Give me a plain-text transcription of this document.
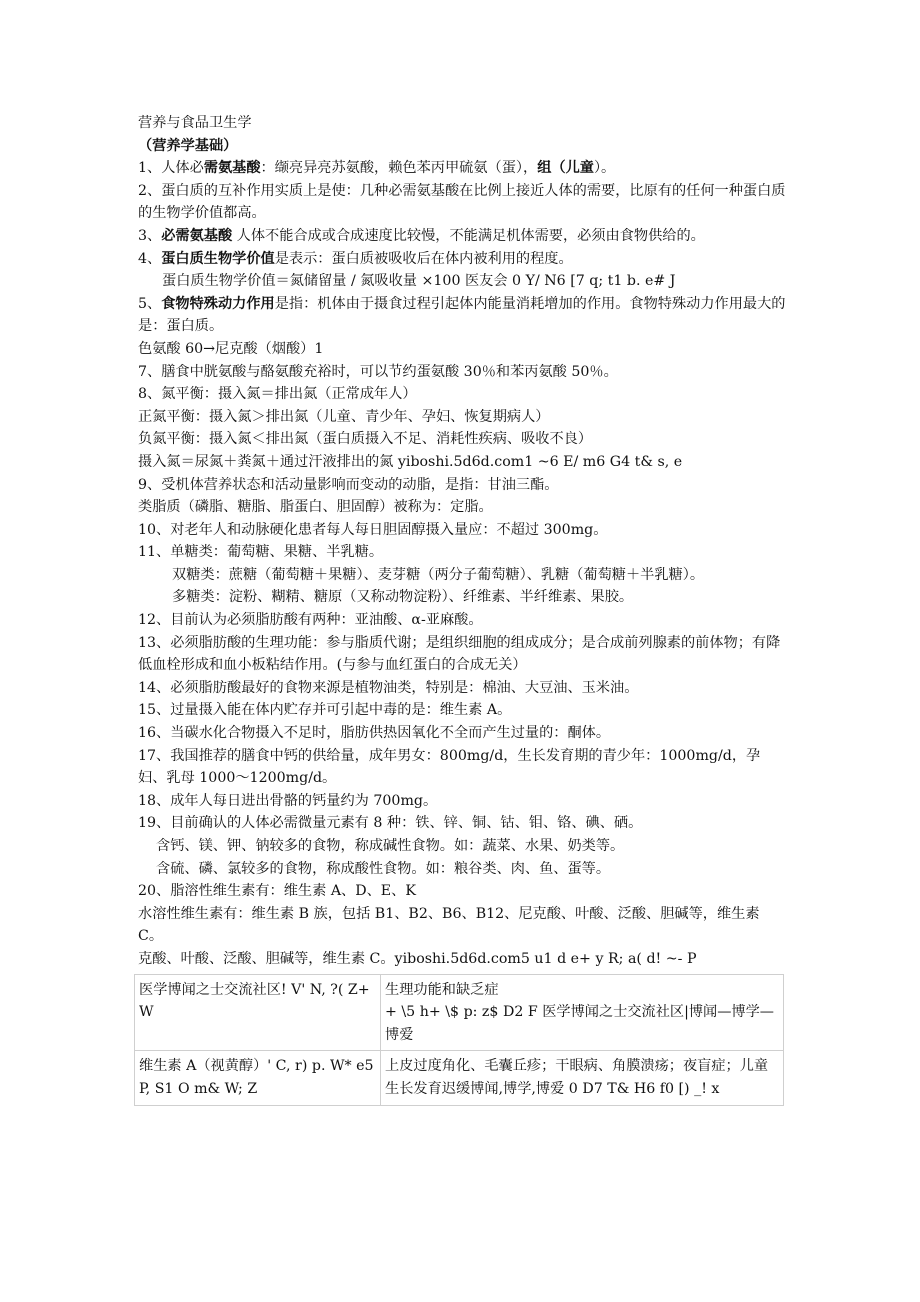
营养与食品卫生学
（营养学基础）
1、人体必需氨基酸：缬亮异亮苏氨酸，赖色苯丙甲硫氨（蛋），组（儿童）。
2、蛋白质的互补作用实质上是使：几种必需氨基酸在比例上接近人体的需要，比原有的任何一种蛋白质的生物学价值都高。
3、必需氨基酸 人体不能合成或合成速度比较慢，不能满足机体需要，必须由食物供给的。
4、蛋白质生物学价值是表示：蛋白质被吸收后在体内被利用的程度。
蛋白质生物学价值＝氮储留量 / 氮吸收量 ×100 医友会 0 Y/ N6 [7 q; t1 b. e# J
5、食物特殊动力作用是指：机体由于摄食过程引起体内能量消耗增加的作用。食物特殊动力作用最大的是：蛋白质。
色氨酸 60→尼克酸（烟酸）1
7、膳食中胱氨酸与酪氨酸充裕时，可以节约蛋氨酸 30％和苯丙氨酸 50％。
8、氮平衡：摄入氮＝排出氮（正常成年人）
正氮平衡：摄入氮＞排出氮（儿童、青少年、孕妇、恢复期病人）
负氮平衡：摄入氮＜排出氮（蛋白质摄入不足、消耗性疾病、吸收不良）
摄入氮＝尿氮＋粪氮＋通过汗液排出的氮 yiboshi.5d6d.com1 ~6 E/ m6 G4 t& s, e
9、受机体营养状态和活动量影响而变动的动脂，是指：甘油三酯。
类脂质（磷脂、糖脂、脂蛋白、胆固醇）被称为：定脂。
10、对老年人和动脉硬化患者每人每日胆固醇摄入量应：不超过 300mg。
11、单糖类：葡萄糖、果糖、半乳糖。
双糖类：蔗糖（葡萄糖＋果糖）、麦芽糖（两分子葡萄糖）、乳糖（葡萄糖＋半乳糖）。
多糖类：淀粉、糊精、糖原（又称动物淀粉）、纤维素、半纤维素、果胶。
12、目前认为必须脂肪酸有两种：亚油酸、α-亚麻酸。
13、必须脂肪酸的生理功能：参与脂质代谢；是组织细胞的组成成分；是合成前列腺素的前体物；有降低血栓形成和血小板粘结作用。(与参与血红蛋白的合成无关）
14、必须脂肪酸最好的食物来源是植物油类，特别是：棉油、大豆油、玉米油。
15、过量摄入能在体内贮存并可引起中毒的是：维生素 A。
16、当碳水化合物摄入不足时，脂肪供热因氧化不全而产生过量的：酮体。
17、我国推荐的膳食中钙的供给量，成年男女：800mg/d，生长发育期的青少年：1000mg/d，孕妇、乳母 1000～1200mg/d。
18、成年人每日进出骨骼的钙量约为 700mg。
19、目前确认的人体必需微量元素有 8 种：铁、锌、铜、钴、钼、铬、碘、硒。
含钙、镁、钾、钠较多的食物，称成碱性食物。如：蔬菜、水果、奶类等。
含硫、磷、氯较多的食物，称成酸性食物。如：粮谷类、肉、鱼、蛋等。
20、脂溶性维生素有：维生素 A、D、E、K
水溶性维生素有：维生素 B 族，包括 B1、B2、B6、B12、尼克酸、叶酸、泛酸、胆碱等，维生素 C。
克酸、叶酸、泛酸、胆碱等，维生素 C。yiboshi.5d6d.com5 u1 d e+ y R; a( d! ~- P
医学博闻之士交流社区! V' N, ?( Z+ W	生理功能和缺乏症
+ \5 h+ \$ p: z$ D2 F 医学博闻之士交流社区|博闻—博学—博爱

维生素 A（视黄醇）' C, r) p. W* e5 P, S1 O m& W; Z	上皮过度角化、毛囊丘疹；干眼病、角膜溃疡；夜盲症；儿童生长发育迟缓博闻,博学,博爱 0 D7 T& H6 f0 [) _! x
